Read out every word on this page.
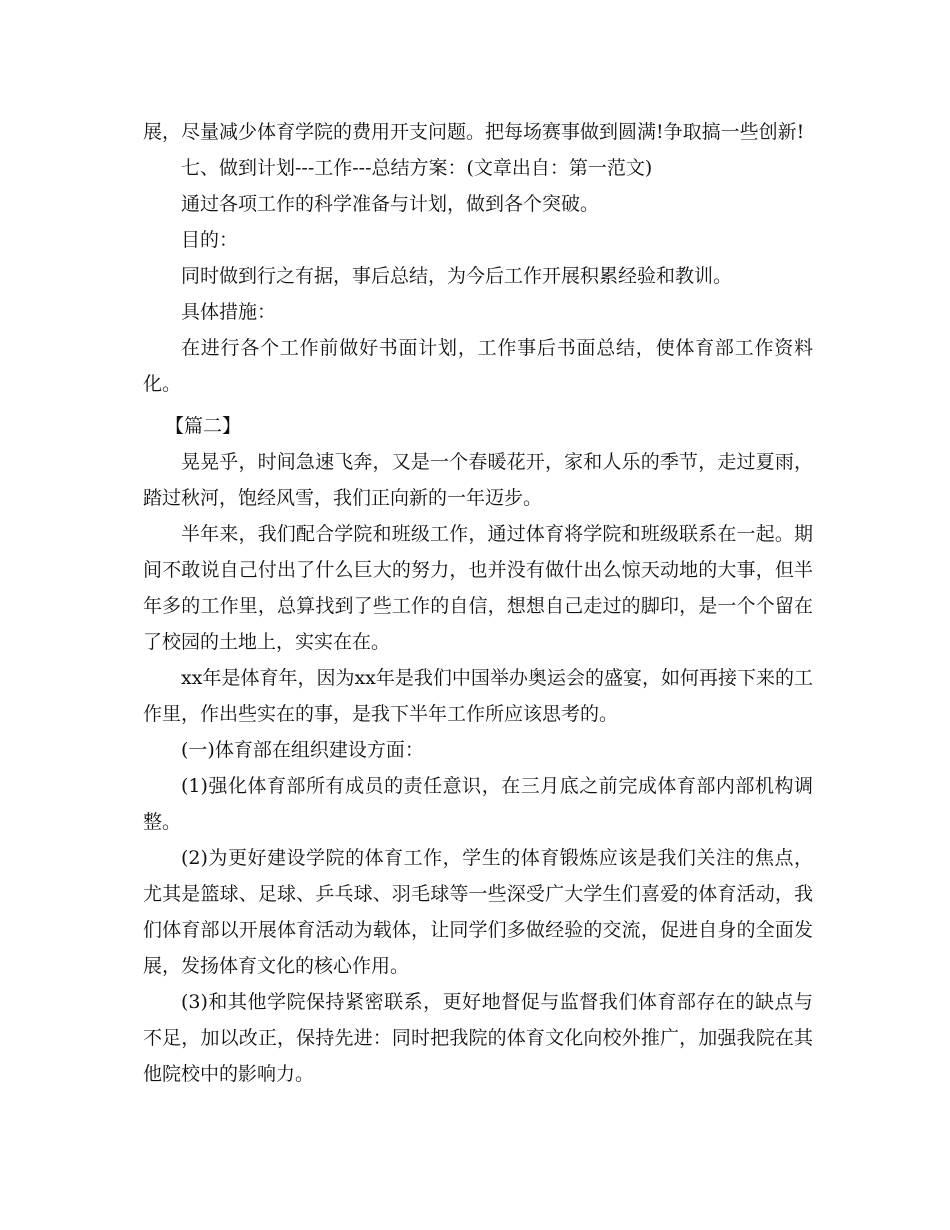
展，尽量减少体育学院的费用开支问题。把每场赛事做到圆满!争取搞一些创新!

七、做到计划---工作---总结方案：(文章出自：第一范文)

通过各项工作的科学准备与计划，做到各个突破。

目的：

同时做到行之有据，事后总结，为今后工作开展积累经验和教训。

具体措施：

在进行各个工作前做好书面计划，工作事后书面总结，使体育部工作资料化。

【篇二】

晃晃乎，时间急速飞奔，又是一个春暖花开，家和人乐的季节，走过夏雨，踏过秋河，饱经风雪，我们正向新的一年迈步。

半年来，我们配合学院和班级工作，通过体育将学院和班级联系在一起。期间不敢说自己付出了什么巨大的努力，也并没有做什出么惊天动地的大事，但半年多的工作里，总算找到了些工作的自信，想想自己走过的脚印，是一个个留在了校园的土地上，实实在在。

xx年是体育年，因为xx年是我们中国举办奥运会的盛宴，如何再接下来的工作里，作出些实在的事，是我下半年工作所应该思考的。

(一)体育部在组织建设方面：

(1)强化体育部所有成员的责任意识，在三月底之前完成体育部内部机构调整。

(2)为更好建设学院的体育工作，学生的体育锻炼应该是我们关注的焦点，尤其是篮球、足球、乒乓球、羽毛球等一些深受广大学生们喜爱的体育活动，我们体育部以开展体育活动为载体，让同学们多做经验的交流，促进自身的全面发展，发扬体育文化的核心作用。

(3)和其他学院保持紧密联系，更好地督促与监督我们体育部存在的缺点与不足，加以改正，保持先进：同时把我院的体育文化向校外推广，加强我院在其他院校中的影响力。
